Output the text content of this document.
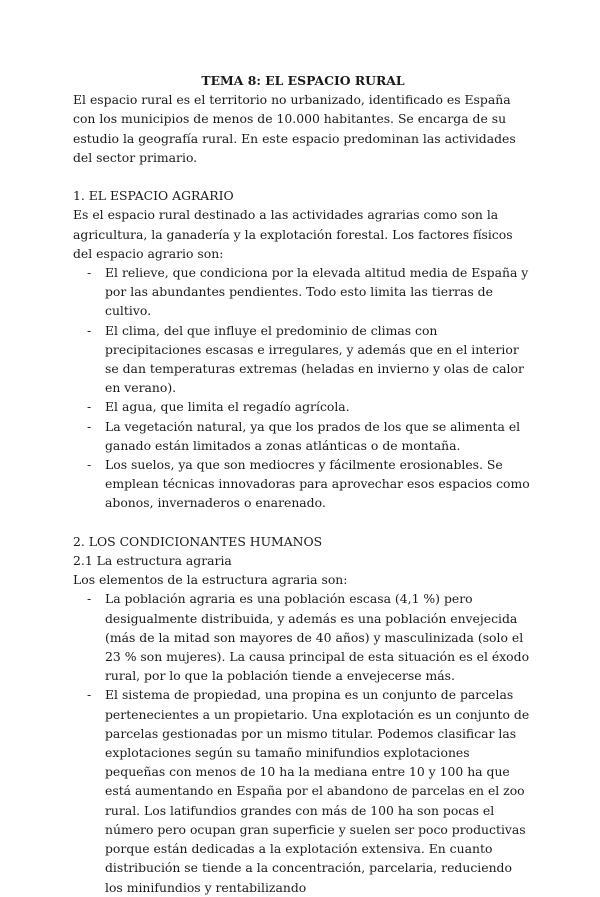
TEMA 8: EL ESPACIO RURAL

El espacio rural es el territorio no urbanizado, identificado es España con los municipios de menos de 10.000 habitantes. Se encarga de su estudio la geografía rural. En este espacio predominan las actividades del sector primario.

1. EL ESPACIO AGRARIO

Es el espacio rural destinado a las actividades agrarias como son la agricultura, la ganadería y la explotación forestal. Los factores físicos del espacio agrario son:

- El relieve, que condiciona por la elevada altitud media de España y por las abundantes pendientes. Todo esto limita las tierras de cultivo.
- El clima, del que influye el predominio de climas con precipitaciones escasas e irregulares, y además que en el interior se dan temperaturas extremas (heladas en invierno y olas de calor en verano).
- El agua, que limita el regadío agrícola.
- La vegetación natural, ya que los prados de los que se alimenta el ganado están limitados a zonas atlánticas o de montaña.
- Los suelos, ya que son mediocres y fácilmente erosionables. Se emplean técnicas innovadoras para aprovechar esos espacios como abonos, invernaderos o enarenado.

2. LOS CONDICIONANTES HUMANOS

2.1 La estructura agraria

Los elementos de la estructura agraria son:

- La población agraria es una población escasa (4,1 %) pero desigualmente distribuida, y además es una población envejecida (más de la mitad son mayores de 40 años) y masculinizada (solo el 23 % son mujeres). La causa principal de esta situación es el éxodo rural, por lo que la población tiende a envejecerse más.
- El sistema de propiedad, una propina es un conjunto de parcelas pertenecientes a un propietario. Una explotación es un conjunto de parcelas gestionadas por un mismo titular. Podemos clasificar las explotaciones según su tamaño minifundios explotaciones pequeñas con menos de 10 ha la mediana entre 10 y 100 ha que está aumentando en España por el abandono de parcelas en el zoo rural. Los latifundios grandes con más de 100 ha son pocas el número pero ocupan gran superficie y suelen ser poco productivas porque están dedicadas a la explotación extensiva. En cuanto distribución se tiende a la concentración, parcelaria, reduciendo los minifundios y rentabilizando
